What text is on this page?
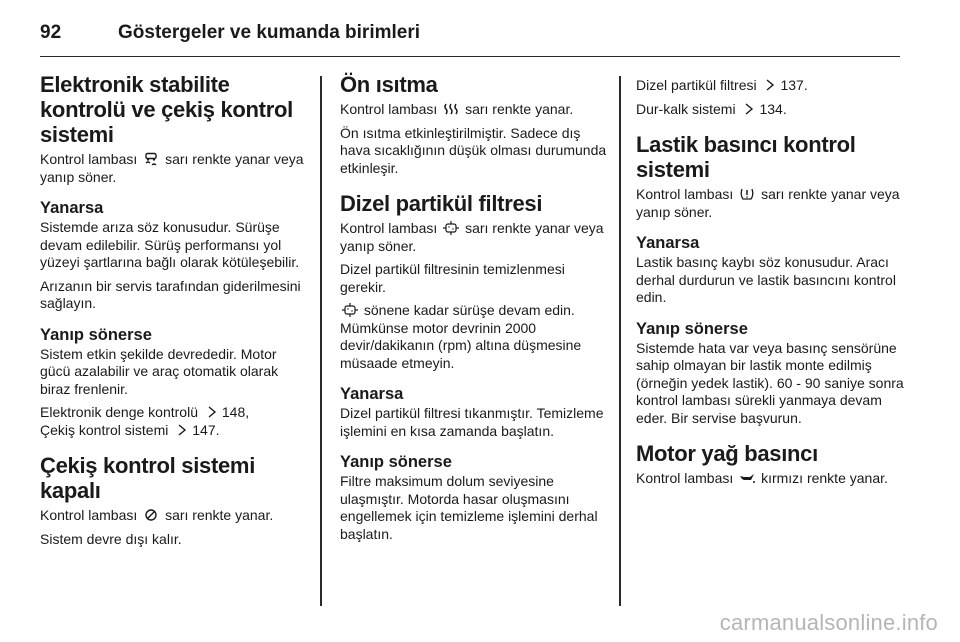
92	Göstergeler ve kumanda birimleri
Elektronik stabilite kontrolü ve çekiş kontrol sistemi

Kontrol lambası sarı renkte yanar veya yanıp söner.

Yanarsa

Sistemde arıza söz konusudur. Sürüşe devam edilebilir. Sürüş performansı yol yüzeyi şartlarına bağlı olarak kötüleşebilir.

Arızanın bir servis tarafından giderilmesini sağlayın.

Yanıp sönerse

Sistem etkin şekilde devrededir. Motor gücü azalabilir ve araç otomatik olarak biraz frenlenir.

Elektronik denge kontrolü 148,
Çekiş kontrol sistemi 147.

Çekiş kontrol sistemi kapalı

Kontrol lambası sarı renkte yanar.

Sistem devre dışı kalır.

Ön ısıtma

Kontrol lambası sarı renkte yanar.

Ön ısıtma etkinleştirilmiştir. Sadece dış hava sıcaklığının düşük olması durumunda etkinleşir.

Dizel partikül filtresi

Kontrol lambası sarı renkte yanar veya yanıp söner.

Dizel partikül filtresinin temizlenmesi gerekir.

sönene kadar sürüşe devam edin. Mümkünse motor devrinin 2000 devir/dakikanın (rpm) altına düşmesine müsaade etmeyin.

Yanarsa

Dizel partikül filtresi tıkanmıştır. Temizleme işlemini en kısa zamanda başlatın.

Yanıp sönerse

Filtre maksimum dolum seviyesine ulaşmıştır. Motorda hasar oluşmasını engellemek için temizleme işlemini derhal başlatın.

Dizel partikül filtresi 137.

Dur-kalk sistemi 134.

Lastik basıncı kontrol sistemi

Kontrol lambası sarı renkte yanar veya yanıp söner.

Yanarsa

Lastik basınç kaybı söz konusudur. Aracı derhal durdurun ve lastik basıncını kontrol edin.

Yanıp sönerse

Sistemde hata var veya basınç sensörüne sahip olmayan bir lastik monte edilmiş (örneğin yedek lastik). 60 - 90 saniye sonra kontrol lambası sürekli yanmaya devam eder. Bir servise başvurun.

Motor yağ basıncı

Kontrol lambası kırmızı renkte yanar.

carmanualsonline.info
